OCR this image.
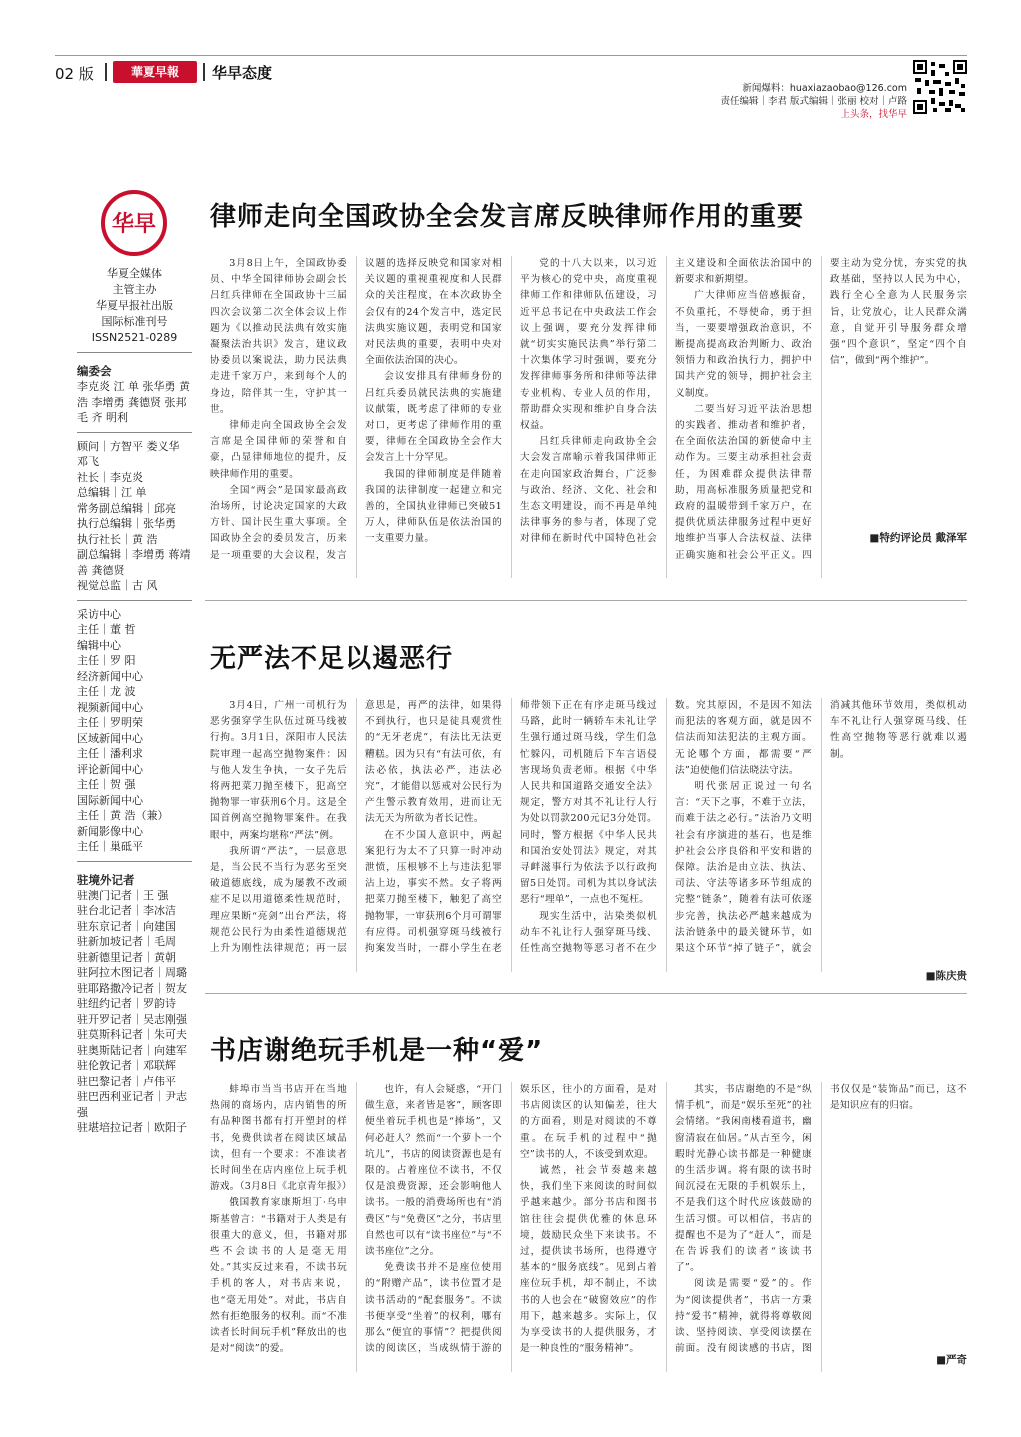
02 版	華夏早報	华早态度
新闻爆料：huaxiazaobao@126.com
责任编辑｜李君 版式编辑｜张丽 校对｜卢路
上头条，找华早
华早
华夏全媒体
主管主办
华夏早报社出版
国际标准刊号
ISSN2521-0289
编委会
李克炎 江 单 张华勇 黄 浩 李增勇 龚德贤 张邦毛 齐 明利
顾问｜方智平 娄义华 邓飞
社长｜李克炎
总编辑｜江 单
常务副总编辑｜邱亮
执行总编辑｜张华勇
执行社长｜黄 浩
副总编辑｜李增勇 蒋靖善 龚德贤
视觉总监｜古 风
采访中心
主任｜董 哲
编辑中心
主任｜罗 阳
经济新闻中心
主任｜龙 波
视频新闻中心
主任｜罗明荣
区域新闻中心
主任｜潘利求
评论新闻中心
主任｜贺 强
国际新闻中心
主任｜黄 浩（兼）
新闻影像中心
主任｜巢砥平
驻境外记者
驻澳门记者｜王 强
驻台北记者｜李冰洁
驻东京记者｜向建国
驻新加坡记者｜毛周
驻新德里记者｜黄朝
驻阿拉木图记者｜周璐
驻耶路撒冷记者｜贺友
驻纽约记者｜罗韵诗
驻开罗记者｜吴志刚强
驻莫斯科记者｜朱可夫
驻奥斯陆记者｜向建军
驻伦敦记者｜邓联辉
驻巴黎记者｜卢伟平
驻巴西利亚记者｜尹志强
驻堪培拉记者｜欧阳子
律师走向全国政协全会发言席反映律师作用的重要

3月8日上午，全国政协委员、中华全国律师协会副会长吕红兵律师在全国政协十三届四次会议第二次全体会议上作题为《以推动民法典有效实施凝聚法治共识》发言，建议政协委员以案说法，助力民法典走进千家万户，来到每个人的身边，陪伴其一生，守护其一世。

律师走向全国政协全会发言席是全国律师的荣誉和自豪，凸显律师地位的提升，反映律师作用的重要。

全国“两会”是国家最高政治场所，讨论决定国家的大政方针、国计民生重大事项。全国政协全会的委员发言，历来是一项重要的大会议程，发言议题的选择反映党和国家对相关议题的重视重视度和人民群众的关注程度，在本次政协全会仅有的24个发言中，选定民法典实施议题，表明党和国家对民法典的重要，表明中央对全面依法治国的决心。

会议安排具有律师身份的吕红兵委员就民法典的实施建议献策，既考虑了律师的专业对口，更考虑了律师作用的重要，律师在全国政协全会作大会发言上十分罕见。

我国的律师制度是伴随着我国的法律制度一起建立和完善的，全国执业律师已突破51万人，律师队伍是依法治国的一支重要力量。

党的十八大以来，以习近平为核心的党中央，高度重视律师工作和律师队伍建设，习近平总书记在中央政法工作会议上强调，要充分发挥律师就“切实实施民法典”举行第二十次集体学习时强调，要充分发挥律师事务所和律师等法律专业机构、专业人员的作用，帮助群众实现和维护自身合法权益。

吕红兵律师走向政协全会大会发言席喻示着我国律师正在走向国家政治舞台，广泛参与政治、经济、文化、社会和生态文明建设，而不再是单纯法律事务的参与者，体现了党对律师在新时代中国特色社会主义建设和全面依法治国中的新要求和新期望。

广大律师应当倍感振奋，不负重托，不辱使命，勇于担当，一要要增强政治意识，不断提高提高政治判断力、政治领悟力和政治执行力，拥护中国共产党的领导，拥护社会主义制度。

二要当好习近平法治思想的实践者、推动者和维护者，在全面依法治国的新使命中主动作为。三要主动承担社会责任，为困难群众提供法律帮助，用高标准服务质量把党和政府的温暖带到千家万户，在提供优质法律服务过程中更好地维护当事人合法权益、法律正确实施和社会公平正义。四要主动为党分忧，夯实党的执政基础，坚持以人民为中心，践行全心全意为人民服务宗旨，让党放心，让人民群众满意，自觉开引导服务群众增强“四个意识”，坚定“四个自信”，做到“两个维护”。

■特约评论员 戴泽军
无严法不足以遏恶行

3月4日，广州一司机行为恶劣强穿学生队伍过斑马线被行拘。3月1日，深阳市人民法院审理一起高空抛物案件：因与他人发生争执，一女子先后将两把菜刀抛至楼下，犯高空抛物罪一审获刑6个月。这是全国首例高空抛物罪案件。在我眼中，两案均堪称“严法”例。

我所谓“严法”，一层意思是，当公民不当行为恶劣至突破道德底线，成为屡教不改顽症不足以用道德柔性规范时，理应果断“亮剑”出台严法，将规范公民行为由柔性道德规范上升为刚性法律规范；再一层意思是，再严的法律，如果得不到执行，也只是徒具观赏性的“无牙老虎”，有法比无法更糟糕。因为只有“有法可依，有法必依，执法必严，违法必究”，才能借以惩戒对公民行为产生警示教育效用，进而让无法无天为所欲为者长记性。

在不少国人意识中，两起案犯行为太不了只算一时冲动泄愤，压根够不上与违法犯罪沾上边，事实不然。女子将两把菜刀抛至楼下，触犯了高空抛物罪，一审获刑6个月可谓罪有应得。司机强穿斑马线被行拘案发当时，一群小学生在老师带领下正在有序走斑马线过马路，此时一辆轿车未礼让学生强行通过斑马线，学生们急忙躲闪，司机随后下车言语侵害现场负责老师。根据《中华人民共和国道路交通安全法》规定，警方对其不礼让行人行为处以罚款200元记3分处罚。同时，警方根据《中华人民共和国治安处罚法》规定，对其寻衅滋事行为依法予以行政拘留5日处罚。司机为其以身试法恶行“埋单”，一点也不冤枉。

现实生活中，沾染类似机动车不礼让行人强穿斑马线、任性高空抛物等恶习者不在少数。究其原因，不是因不知法而犯法的客观方面，就是因不信法而知法犯法的主观方面。无论哪个方面，都需要“严法”迫使他们信法晓法守法。

明代张居正说过一句名言：“天下之事，不难于立法，而难于法之必行。”法治乃文明社会有序演进的基石，也是维护社会公序良俗和平安和谐的保障。法治是由立法、执法、司法、守法等诸多环节组成的完整“链条”，随着有法可依逐步完善，执法必严越来越成为法治链条中的最关键环节，如果这个环节“掉了链子”，就会消减其他环节效用，类似机动车不礼让行人强穿斑马线、任性高空抛物等恶行就难以遏制。

■陈庆贵
书店谢绝玩手机是一种“爱”

蚌埠市当当书店开在当地热闹的商场内，店内销售的所有品种图书都有打开塑封的样书，免费供读者在阅读区域品读，但有一个要求：不准读者长时间坐在店内座位上玩手机游戏。（3月8日《北京青年报》）

俄国教育家康斯坦丁·乌申斯基曾言：“书籍对于人类是有很重大的意义，但，书籍对那些不会读书的人是毫无用处。”其实反过来看，不读书玩手机的客人，对书店来说，也“毫无用处”。对此，书店自然有拒绝服务的权利。而“不准读者长时间玩手机”释放出的也是对“阅读”的爱。

也许，有人会疑惑，“开门做生意，来者皆是客”，顾客即便坐着玩手机也是“捧场”，又何必赶人？然而“一个萝卜一个坑儿”，书店的阅读资源也是有限的。占着座位不读书，不仅仅是浪费资源，还会影响他人读书。一般的消费场所也有“消费区”与“免费区”之分，书店里自然也可以有“读书座位”与“不读书座位”之分。

免费读书并不是座位使用的“附赠产品”，读书位置才是读书活动的“配套服务”。不读书便享受“坐着”的权利，哪有那么“便宜的事情”？把提供阅读的阅读区，当成纵情于游的娱乐区，往小的方面看，是对书店阅读区的认知偏差，往大的方面看，则是对阅读的不尊重。在玩手机的过程中“抛空”读书的人，不该受到欢迎。

诚然，社会节奏越来越快，我们坐下来阅读的时间似乎越来越少。部分书店和图书馆往往会提供优雅的休息环境，鼓励民众坐下来读书。不过，提供读书场所，也得遵守基本的“服务底线”。见到占着座位玩手机，却不制止，不读书的人也会在“破窗效应”的作用下，越来越多。实际上，仅为享受读书的人提供服务，才是一种良性的“服务精神”。

其实，书店谢绝的不是“纵情手机”，而是“娱乐至死”的社会情绪。“我闲南楼看道书，幽窗清寂在仙居。”从古至今，闲暇时光静心读书都是一种健康的生活步调。将有限的读书时间沉浸在无限的手机娱乐上，不是我们这个时代应该鼓励的生活习惯。可以相信，书店的提醒也不是为了“赶人”，而是在告诉我们的读者“该读书了”。

阅读是需要“爱”的。作为“阅读提供者”，书店一方秉持“爱书”精神，就得将尊敬阅读、坚持阅读、享受阅读摆在前面。没有阅读感的书店，图书仅仅是“装饰品”而已，这不是知识应有的归宿。

■严奇
